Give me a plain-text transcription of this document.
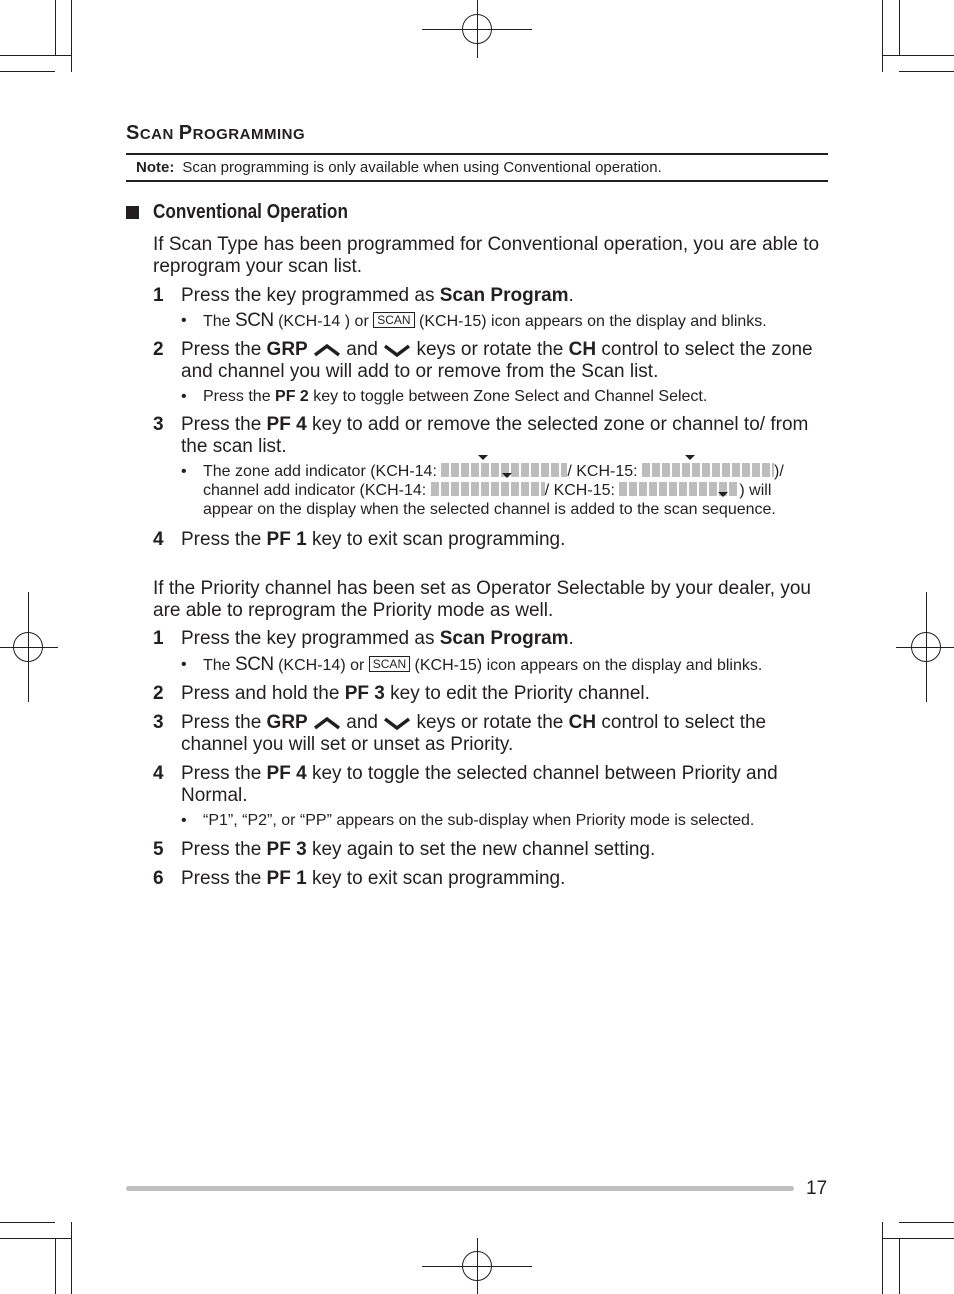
SCAN PROGRAMMING
Note: Scan programming is only available when using Conventional operation.
Conventional Operation
If Scan Type has been programmed for Conventional operation, you are able to reprogram your scan list.
1 Press the key programmed as Scan Program.
•	The SCN (KCH-14 ) or SCAN (KCH-15) icon appears on the display and blinks.
2 Press the GRP  and  keys or rotate the CH control to select the zone and channel you will add to or remove from the Scan list.
•	Press the PF 2 key to toggle between Zone Select and Channel Select.
3 Press the PF 4 key to add or remove the selected zone or channel to/ from the scan list.
•	The zone add indicator (KCH-14:	/ KCH-15:	)/
channel add indicator (KCH-14:	/ KCH-15:	) will
appear on the display when the selected channel is added to the scan sequence.
4 Press the PF 1 key to exit scan programming.
If the Priority channel has been set as Operator Selectable by your dealer, you are able to reprogram the Priority mode as well.
1 Press the key programmed as Scan Program.
•	The SCN (KCH-14) or SCAN (KCH-15) icon appears on the display and blinks.
2 Press and hold the PF 3 key to edit the Priority channel.
3 Press the GRP  and  keys or rotate the CH control to select the channel you will set or unset as Priority.
4 Press the PF 4 key to toggle the selected channel between Priority and Normal.
•	“P1”, “P2”, or “PP” appears on the sub-display when Priority mode is selected.
5 Press the PF 3 key again to set the new channel setting.
6 Press the PF 1 key to exit scan programming.
17
